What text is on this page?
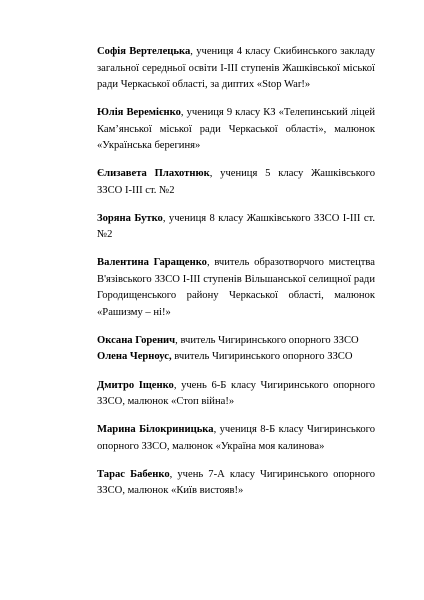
Софія Вертелецька, учениця 4 класу Скибинського закладу загальної середньої освіти І-ІІІ ступенів Жашківської міської ради Черкаської області, за диптих «Stop War!»

Юлія Веремієнко, учениця 9 класу КЗ «Телепинський ліцей Кам’янської міської ради Черкаської області», малюнок «Українська берегиня»

Єлизавета Плахотнюк, учениця 5 класу Жашківського ЗЗСО І-ІІІ ст. №2

Зоряна Бутко, учениця 8 класу Жашківського ЗЗСО І-ІІІ ст. №2

Валентина Гаращенко, вчитель образотворчого мистецтва В'язівського ЗЗСО І-ІІІ ступенів Вільшанської селищної ради Городищенського району Черкаської області, малюнок «Рашизму – ні!»

Оксана Горенич, вчитель Чигиринського опорного ЗЗСО

Олена Черноус, вчитель Чигиринського опорного ЗЗСО

Дмитро Іщенко, учень 6-Б класу Чигиринського опорного ЗЗСО, малюнок «Стоп війна!»

Марина Білокриницька, учениця 8-Б класу Чигиринського опорного ЗЗСО, малюнок «Україна моя калинова»

Тарас Бабенко, учень 7-А класу Чигиринського опорного ЗЗСО, малюнок «Київ вистояв!»
